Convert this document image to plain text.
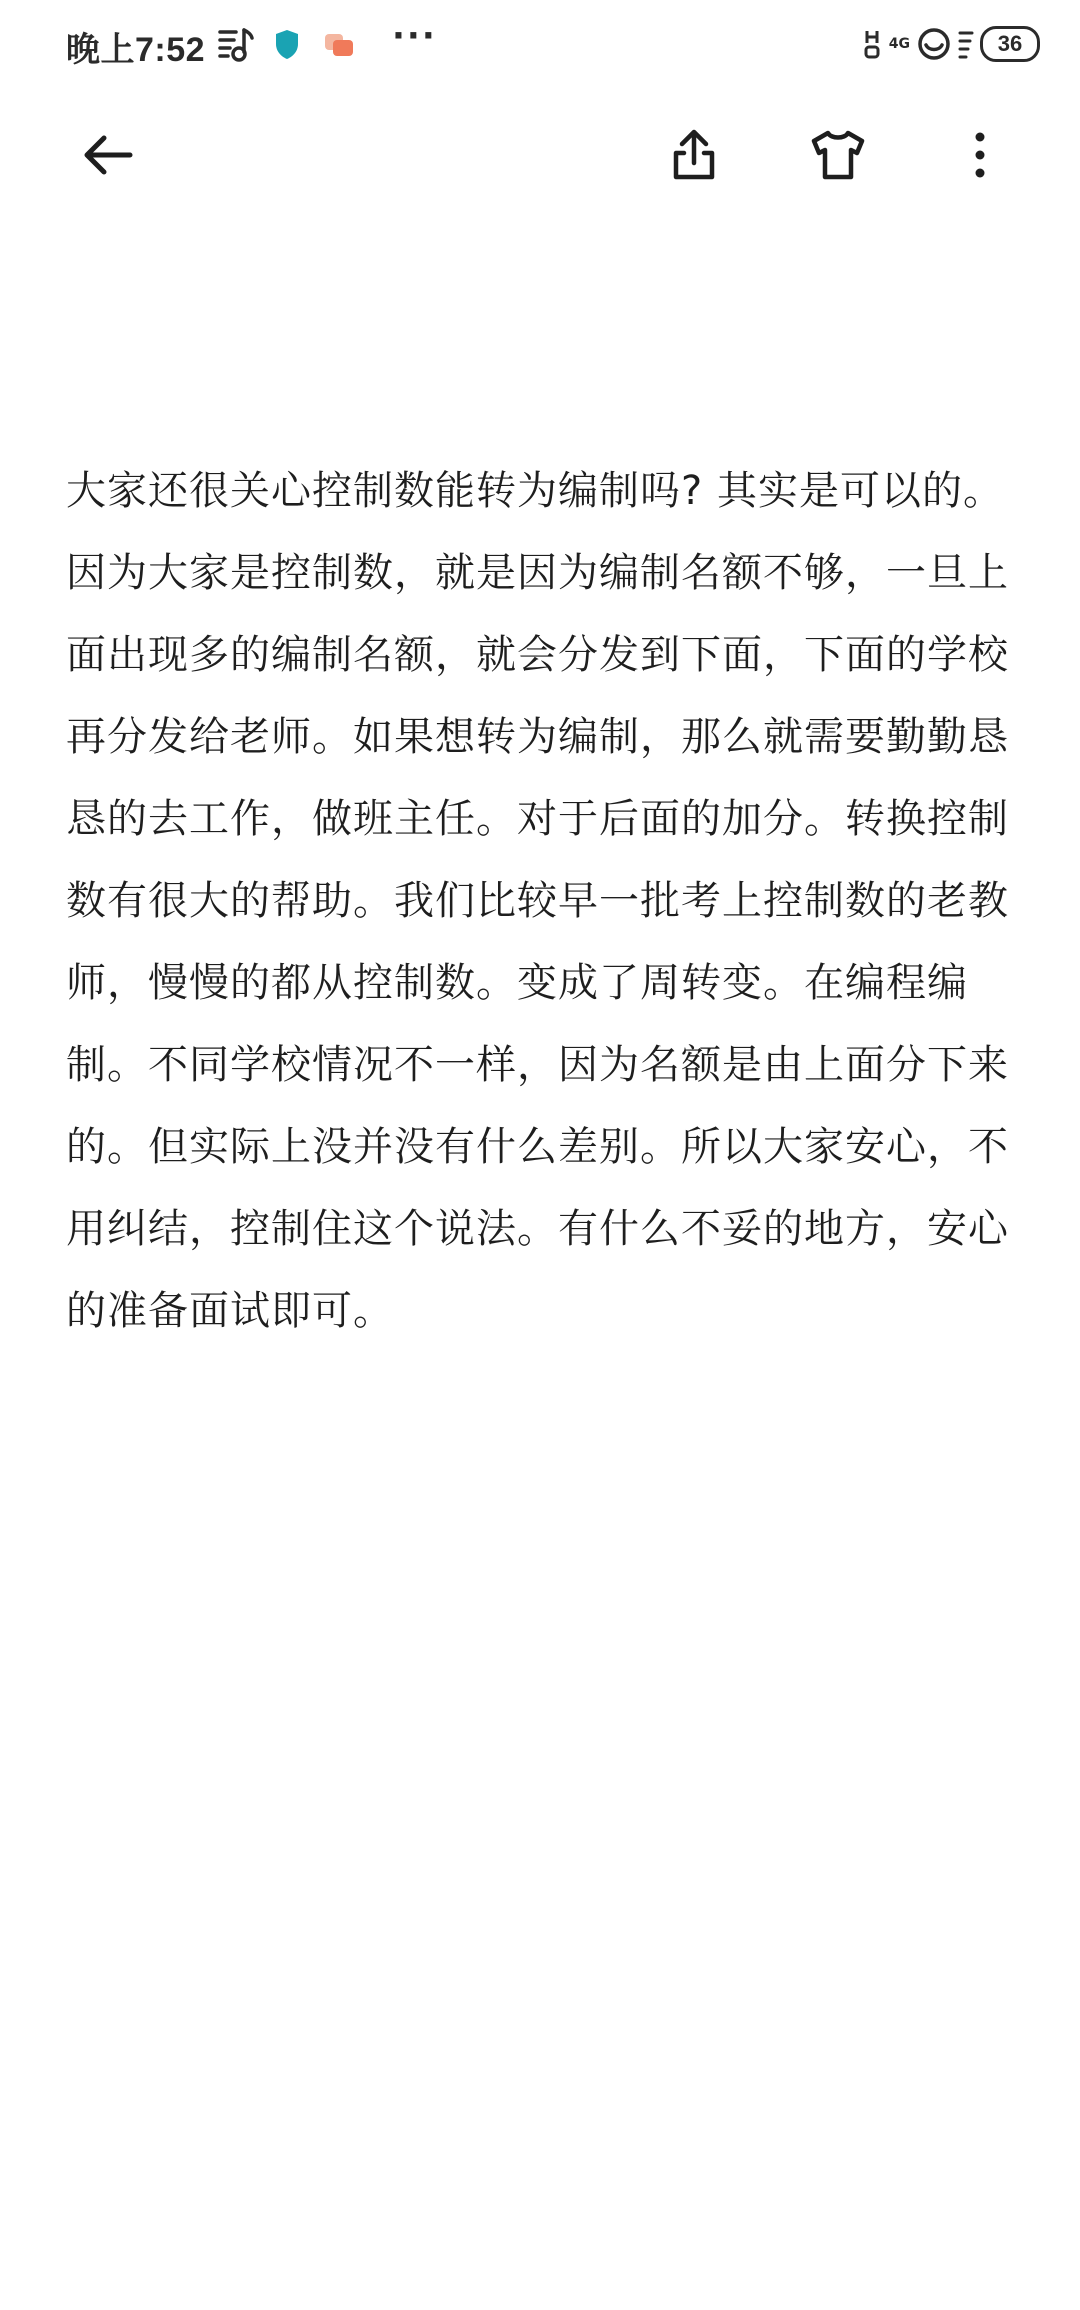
晚上7:52	···	4G	36
大家还很关心控制数能转为编制吗? 其实是可以的。因为大家是控制数，就是因为编制名额不够，一旦上面出现多的编制名额，就会分发到下面，下面的学校再分发给老师。如果想转为编制，那么就需要勤勤恳恳的去工作，做班主任。对于后面的加分。转换控制数有很大的帮助。我们比较早一批考上控制数的老教师，慢慢的都从控制数。变成了周转变。在编程编制。不同学校情况不一样，因为名额是由上面分下来的。但实际上没并没有什么差别。所以大家安心，不用纠结，控制住这个说法。有什么不妥的地方，安心的准备面试即可。
